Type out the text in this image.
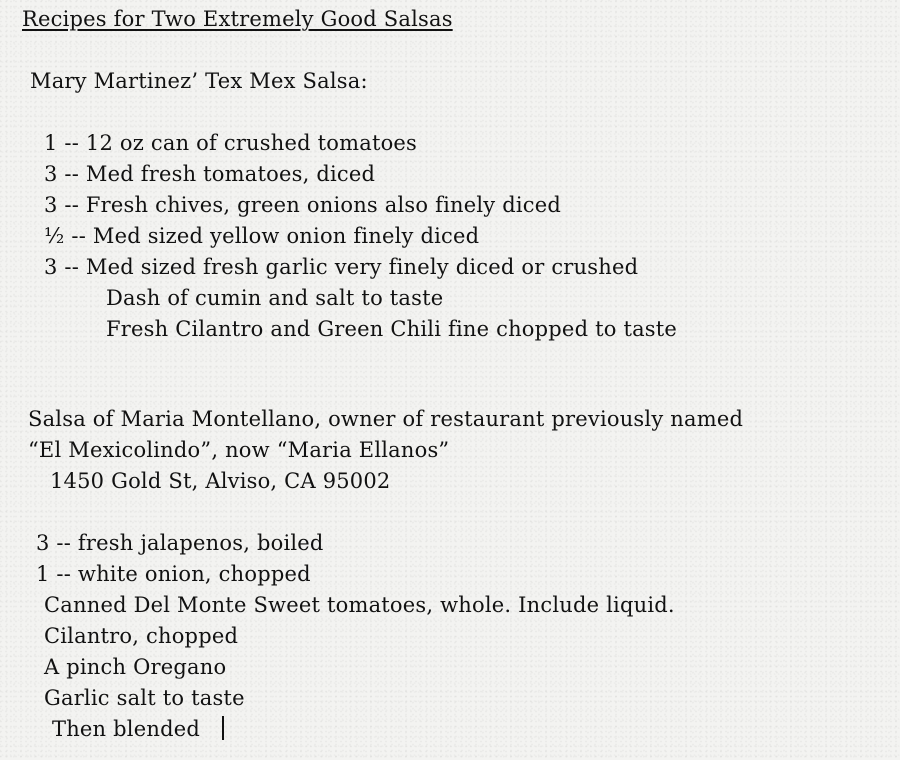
Recipes for Two Extremely Good Salsas
Mary Martinez’ Tex Mex Salsa:
1 -- 12 oz can of crushed tomatoes
3 -- Med fresh tomatoes, diced
3 -- Fresh chives, green onions also finely diced
½ -- Med sized yellow onion finely diced
3 -- Med sized fresh garlic very finely diced or crushed
Dash of cumin and salt to taste
Fresh Cilantro and Green Chili fine chopped to taste
Salsa of Maria Montellano, owner of restaurant previously named
“El Mexicolindo”, now “Maria Ellanos”
1450 Gold St, Alviso, CA 95002
3 -- fresh jalapenos, boiled
1 -- white onion, chopped
Canned Del Monte Sweet tomatoes, whole. Include liquid.
Cilantro, chopped
A pinch Oregano
Garlic salt to taste
Then blended
